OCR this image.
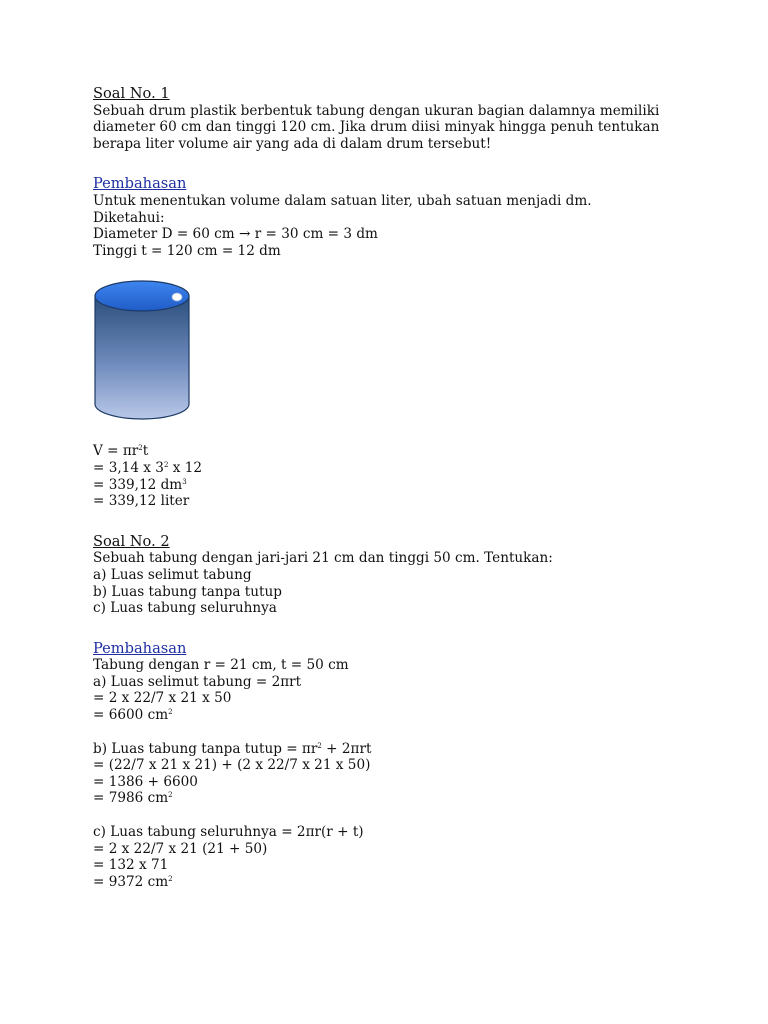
Soal No. 1
Sebuah drum plastik berbentuk tabung dengan ukuran bagian dalamnya memiliki
diameter 60 cm dan tinggi 120 cm. Jika drum diisi minyak hingga penuh tentukan
berapa liter volume air yang ada di dalam drum tersebut!
Pembahasan
Untuk menentukan volume dalam satuan liter, ubah satuan menjadi dm.
Diketahui:
Diameter D = 60 cm → r = 30 cm = 3 dm
Tinggi t = 120 cm = 12 dm
$V = \pi r^2t$
= 3,14 x $3^2$ x 12
= 339,12 $dm^3$
= 339,12 liter
Soal No. 2
Sebuah tabung dengan jari-jari 21 cm dan tinggi 50 cm. Tentukan:
a) Luas selimut tabung
b) Luas tabung tanpa tutup
c) Luas tabung seluruhnya
Pembahasan
Tabung dengan r = 21 cm, t = 50 cm
a) Luas selimut tabung = 2πrt
= 2 x 22/7 x 21 x 50
= 6600 $cm^2$
b) Luas tabung tanpa tutup = $\pi r^2 + 2\pi rt$
= (22/7 x 21 x 21) + (2 x 22/7 x 21 x 50)
= 1386 + 6600
= 7986 $cm^2$
c) Luas tabung seluruhnya = 2πr(r + t)
= 2 x 22/7 x 21 (21 + 50)
= 132 x 71
= 9372 $cm^2$
